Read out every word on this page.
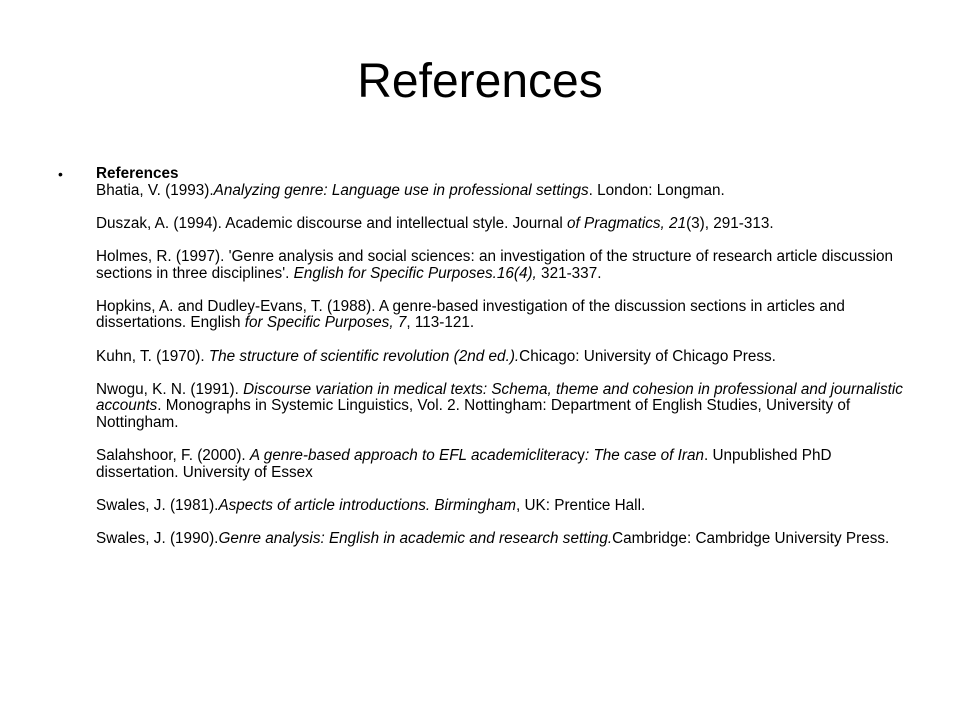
References
• References
Bhatia, V. (1993).Analyzing genre: Language use in professional settings. London: Longman.
Duszak, A. (1994). Academic discourse and intellectual style. Journal of Pragmatics, 21(3), 291-313.
Holmes, R. (1997). 'Genre analysis and social sciences: an investigation of the structure of research article discussion sections in three disciplines'. English for Specific Purposes.16(4), 321-337.
Hopkins, A. and Dudley-Evans, T. (1988). A genre-based investigation of the discussion sections in articles and dissertations. English for Specific Purposes, 7, 113-121.
Kuhn, T. (1970). The structure of scientific revolution (2nd ed.).Chicago: University of Chicago Press.
Nwogu, K. N. (1991). Discourse variation in medical texts: Schema, theme and cohesion in professional and journalistic accounts. Monographs in Systemic Linguistics, Vol. 2. Nottingham: Department of English Studies, University of Nottingham.
Salahshoor, F. (2000). A genre-based approach to EFL academicliteracy: The case of Iran. Unpublished PhD dissertation. University of Essex
Swales, J. (1981).Aspects of article introductions. Birmingham, UK: Prentice Hall.
Swales, J. (1990).Genre analysis: English in academic and research setting.Cambridge: Cambridge University Press.
